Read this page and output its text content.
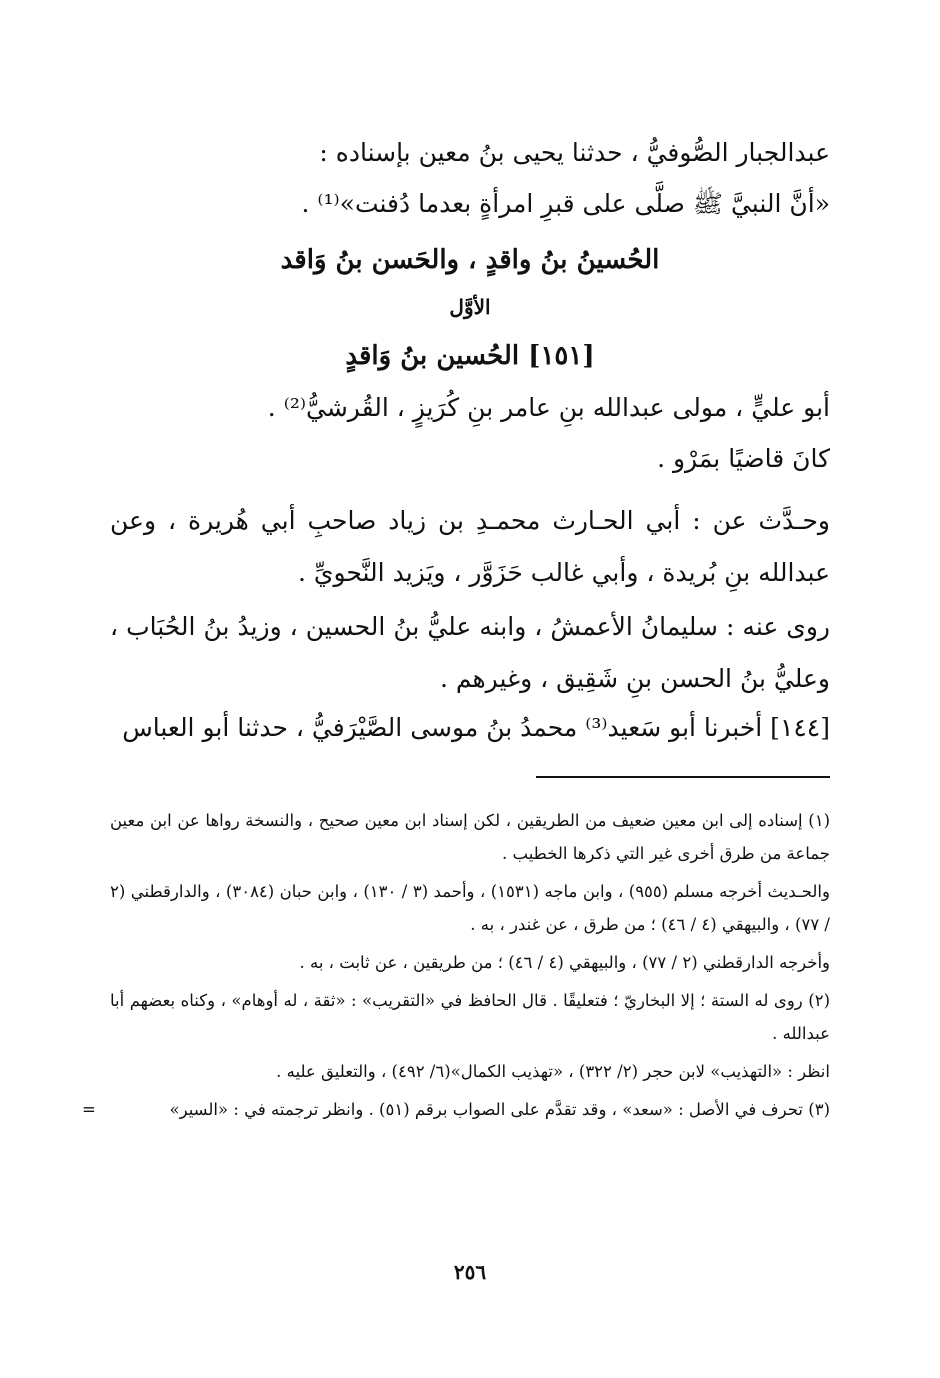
عبدالجبار الصُّوفيُّ ، حدثنا يحيى بنُ معين بإسناده :

«أنَّ النبيَّ ﷺ صلَّى على قبرِ امرأةٍ بعدما دُفنت»⁽¹⁾ .

الحُسينُ بنُ واقدٍ ، والحَسن بنُ وَاقد
الأوَّل
[١٥١] الحُسين بنُ وَاقدٍ

أبو عليٍّ ، مولى عبدالله بنِ عامر بنِ كُرَيزٍ ، القُرشيُّ⁽²⁾ .

كانَ قاضيًا بمَرْو .

وحـدَّث عن : أبي الحـارث محمـدِ بن زياد صاحبِ أبي هُريرة ، وعن عبدالله بنِ بُريدة ، وأبي غالب حَزَوَّر ، ويَزيد النَّحويِّ .

روى عنه : سليمانُ الأعمشُ ، وابنه عليُّ بنُ الحسين ، وزيدُ بنُ الحُبَاب ، وعليُّ بنُ الحسن بنِ شَقِيق ، وغيرهم .

[١٤٤] أخبرنا أبو سَعيد⁽³⁾ محمدُ بنُ موسى الصَّيْرَفيُّ ، حدثنا أبو العباس

(١) إسناده إلى ابن معين ضعيف من الطريقين ، لكن إسناد ابن معين صحيح ، والنسخة رواها عن ابن معين جماعة من طرق أخرى غير التي ذكرها الخطيب .

والحـديث أخرجه مسلم (٩٥٥) ، وابن ماجه (١٥٣١) ، وأحمد (٣ / ١٣٠) ، وابن حبان (٣٠٨٤) ، والدارقطني (٢ / ٧٧) ، والبيهقي (٤ / ٤٦) ؛ من طرق ، عن غندر ، به .

وأخرجه الدارقطني (٢ / ٧٧) ، والبيهقي (٤ / ٤٦) ؛ من طريقين ، عن ثابت ، به .

(٢) روى له الستة ؛ إلا البخاريّ ؛ فتعليقًا . قال الحافظ في «التقريب» : «ثقة ، له أوهام» ، وكناه بعضهم أبا عبدالله .

انظر : «التهذيب» لابن حجر (٢/ ٣٢٢) ، «تهذيب الكمال»(٦/ ٤٩٢) ، والتعليق عليه .

(٣) تحرف في الأصل : «سعد» ، وقد تقدَّم على الصواب برقم (٥١) . وانظر ترجمته في : «السير»
=

٢٥٦
